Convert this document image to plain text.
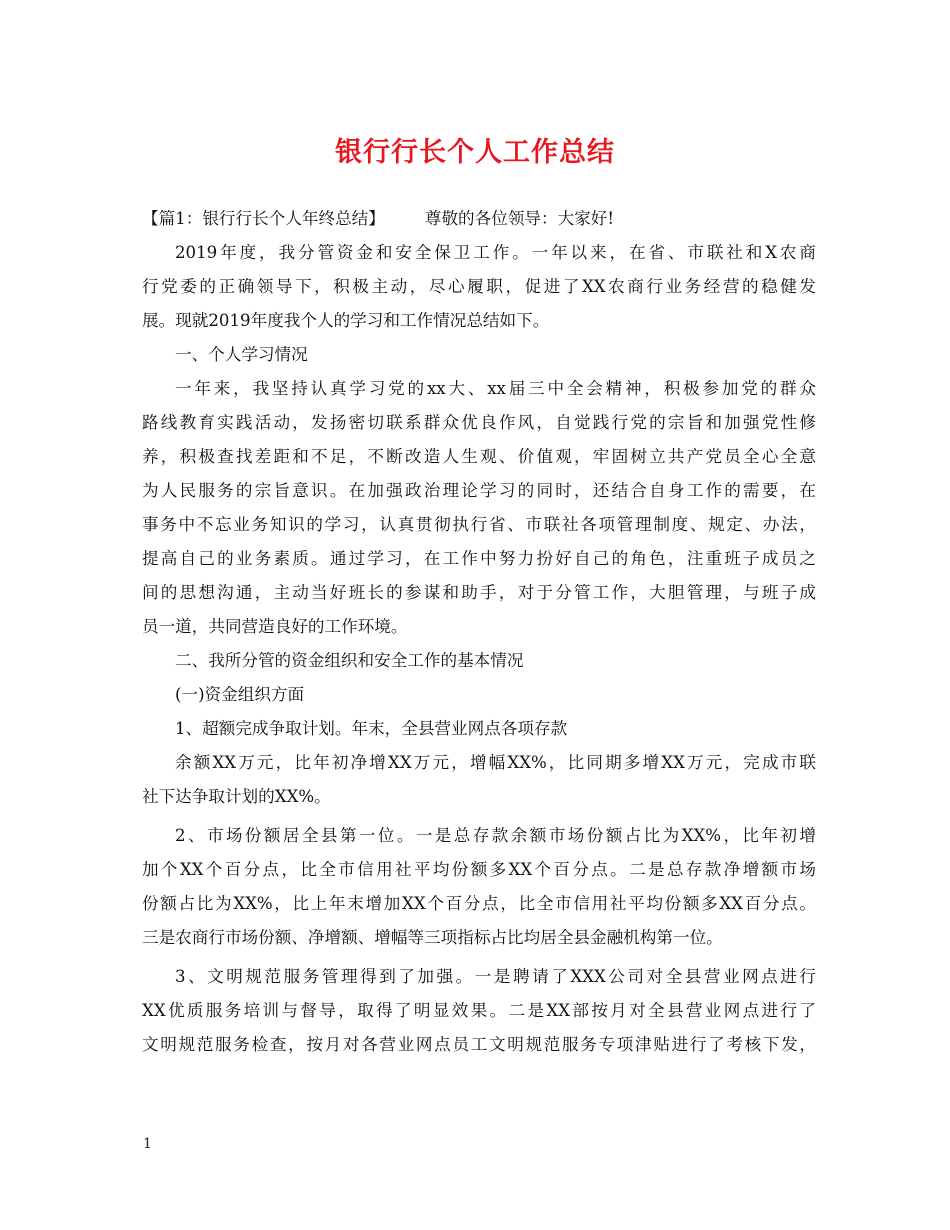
银行行长个人工作总结
【篇1：银行行长个人年终总结】 尊敬的各位领导：大家好!
2019年度，我分管资金和安全保卫工作。一年以来，在省、市联社和X农商
行党委的正确领导下，积极主动，尽心履职，促进了XX农商行业务经营的稳健发
展。现就2019年度我个人的学习和工作情况总结如下。
一、个人学习情况
一年来，我坚持认真学习党的xx大、xx届三中全会精神，积极参加党的群众
路线教育实践活动，发扬密切联系群众优良作风，自觉践行党的宗旨和加强党性修
养，积极查找差距和不足，不断改造人生观、价值观，牢固树立共产党员全心全意
为人民服务的宗旨意识。在加强政治理论学习的同时，还结合自身工作的需要，在
事务中不忘业务知识的学习，认真贯彻执行省、市联社各项管理制度、规定、办法，
提高自己的业务素质。通过学习，在工作中努力扮好自己的角色，注重班子成员之
间的思想沟通，主动当好班长的参谋和助手，对于分管工作，大胆管理，与班子成
员一道，共同营造良好的工作环境。
二、我所分管的资金组织和安全工作的基本情况
(一)资金组织方面
1、超额完成争取计划。年末，全县营业网点各项存款
余额XX万元，比年初净增XX万元，增幅XX%，比同期多增XX万元，完成市联
社下达争取计划的XX%。
2、市场份额居全县第一位。一是总存款余额市场份额占比为XX%，比年初增
加个XX个百分点，比全市信用社平均份额多XX个百分点。二是总存款净增额市场
份额占比为XX%，比上年末增加XX个百分点，比全市信用社平均份额多XX百分点。
三是农商行市场份额、净增额、增幅等三项指标占比均居全县金融机构第一位。
3、文明规范服务管理得到了加强。一是聘请了XXX公司对全县营业网点进行
XX优质服务培训与督导，取得了明显效果。二是XX部按月对全县营业网点进行了
文明规范服务检查，按月对各营业网点员工文明规范服务专项津贴进行了考核下发，

1
